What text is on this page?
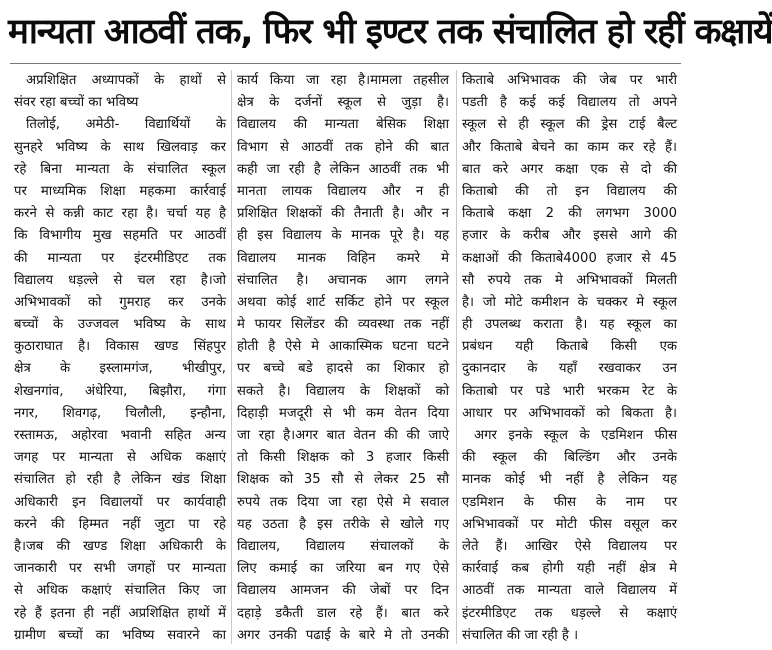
मान्यता आठवीं तक, फिर भी इण्टर तक संचालित हो रहीं कक्षायें
अप्रशिक्षित अध्यापकों के हाथों से
संवर रहा बच्चों का भविष्य
तिलोई, अमेठी- विद्यार्थियों के
सुनहरे भविष्य के साथ खिलवाड़ कर
रहे बिना मान्यता के संचालित स्कूल
पर माध्यमिक शिक्षा महकमा कार्रवाई
करने से कन्नी काट रहा है। चर्चा यह है
कि विभागीय मुख सहमति पर आठवीं
की मान्यता पर इंटरमीडिएट तक
विद्यालय धड़ल्ले से चल रहा है।जो
अभिभावकों को गुमराह कर उनके
बच्चों के उज्जवल भविष्य के साथ
कुठाराघात है। विकास खण्ड सिंहपुर
क्षेत्र के इस्लामगंज, भीखीपुर,
शेखनगांव, अंधेरिया, बिझौरा, गंगा
नगर, शिवगढ़, चिलौली, इन्हौना,
रस्तामऊ, अहोरवा भवानी सहित अन्य
जगह पर मान्यता से अधिक कक्षाएं
संचालित हो रही है लेकिन खंड शिक्षा
अधिकारी इन विद्यालयों पर कार्यवाही
करने की हिम्मत नहीं जुटा पा रहे
है।जब की खण्ड शिक्षा अधिकारी के
जानकारी पर सभी जगहों पर मान्यता
से अधिक कक्षाएं संचालित किए जा
रहे हैं इतना ही नहीं अप्रशिक्षित हाथों में
ग्रामीण बच्चों का भविष्य सवारने का
कार्य किया जा रहा है।मामला तहसील
क्षेत्र के दर्जनों स्कूल से जुड़ा है।
विद्यालय की मान्यता बेसिक शिक्षा
विभाग से आठवीं तक होने की बात
कही जा रही है लेकिन आठवीं तक भी
मानता लायक विद्यालय और न ही
प्रशिक्षित शिक्षकों की तैनाती है। और न
ही इस विद्यालय के मानक पूरे है। यह
विद्यालय मानक विहिन कमरे मे
संचालित है। अचानक आग लगने
अथवा कोई शार्ट सर्किट होने पर स्कूल
मे फायर सिलेंडर की व्यवस्था तक नहीं
होती है ऐसे मे आकास्मिक घटना घटने
पर बच्चे बडे हादसे का शिकार हो
सकते है। विद्यालय के शिक्षकों को
दिहाड़ी मजदूरी से भी कम वेतन दिया
जा रहा है।अगर बात वेतन की की जाऐ
तो किसी शिक्षक को 3 हजार किसी
शिक्षक को 35 सौ से लेकर 25 सौ
रुपये तक दिया जा रहा ऐसे मे सवाल
यह उठता है इस तरीके से खोले गए
विद्यालय, विद्यालय संचालकों के
लिए कमाई का जरिया बन गए ऐसे
विद्यालय आमजन की जेबों पर दिन
दहाड़े डकैती डाल रहे हैं। बात करे
अगर उनकी पढाई के बारे मे तो उनकी
किताबे अभिभावक की जेब पर भारी
पडती है कई कई विद्यालय तो अपने
स्कूल से ही स्कूल की ड्रेस टाई बैल्ट
और किताबे बेचने का काम कर रहे हैं।
बात करे अगर कक्षा एक से दो की
किताबो की तो इन विद्यालय की
किताबे कक्षा 2 की लगभग 3000
हजार के करीब और इससे आगे की
कक्षाओं की किताबे4000 हजार से 45
सौ रुपये तक मे अभिभावकों मिलती
है। जो मोटे कमीशन के चक्कर मे स्कूल
ही उपलब्ध कराता है। यह स्कूल का
प्रबंधन यही किताबे किसी एक
दुकानदार के यहाँ रखवाकर उन
किताबो पर पडे भारी भरकम रेट के
आधार पर अभिभावकों को बिकता है।
अगर इनके स्कूल के एडमिशन फीस
की स्कूल की बिल्डिंग और उनके
मानक कोई भी नहीं है लेकिन यह
एडमिशन के फीस के नाम पर
अभिभावकों पर मोटी फीस वसूल कर
लेते हैं। आखिर ऐसे विद्यालय पर
कार्रवाई कब होगी यही नहीं क्षेत्र मे
आठवीं तक मान्यता वाले विद्यालय में
इंटरमीडिएट तक धड़ल्ले से कक्षाएं
संचालित की जा रही है ।
